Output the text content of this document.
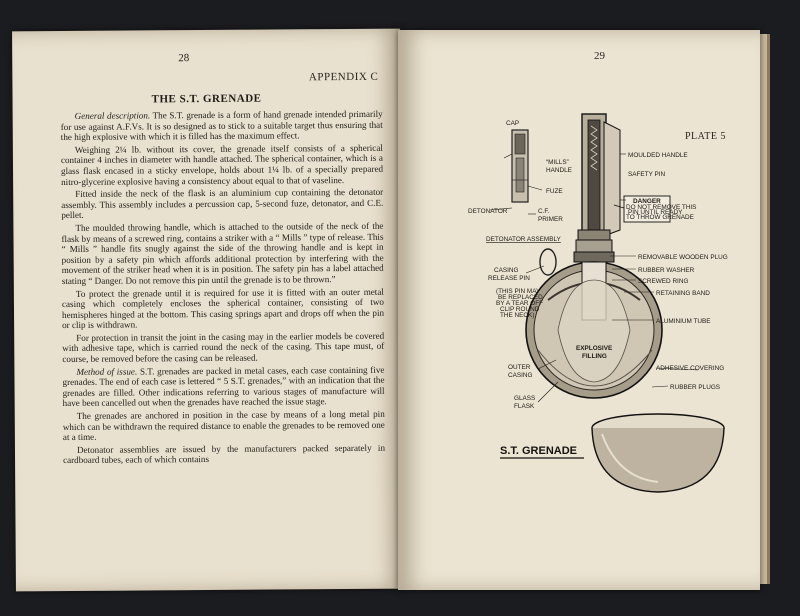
28
APPENDIX C
THE S.T. GRENADE

General description. The S.T. grenade is a form of hand grenade intended primarily for use against A.F.Vs. It is so designed as to stick to a suitable target thus ensuring that the high explosive with which it is filled has the maximum effect.

Weighing 2¼ lb. without its cover, the grenade itself consists of a spherical container 4 inches in diameter with handle attached. The spherical container, which is a glass flask encased in a sticky envelope, holds about 1¼ lb. of a specially prepared nitro-glycerine explosive having a consistency about equal to that of vaseline.

Fitted inside the neck of the flask is an aluminium cup containing the detonator assembly. This assembly includes a percussion cap, 5-second fuze, detonator, and C.E. pellet.

The moulded throwing handle, which is attached to the outside of the neck of the flask by means of a screwed ring, contains a striker with a “ Mills ” type of release. This “ Mills ” handle fits snugly against the side of the throwing handle and is kept in position by a safety pin which affords additional protection by interfering with the movement of the striker head when it is in position. The safety pin has a label attached stating “ Danger. Do not remove this pin until the grenade is to be thrown.”

To protect the grenade until it is required for use it is fitted with an outer metal casing which completely encloses the spherical container, consisting of two hemispheres hinged at the bottom. This casing springs apart and drops off when the pin or clip is withdrawn.

For protection in transit the joint in the casing may in the earlier models be covered with adhesive tape, which is carried round the neck of the casing. This tape must, of course, be removed before the casing can be released.

Method of issue. S.T. grenades are packed in metal cases, each case containing five grenades. The end of each case is lettered “ 5 S.T. grenades,” with an indication that the grenades are filled. Other indications referring to various stages of manufacture will have been cancelled out when the grenades have reached the issue stage.

The grenades are anchored in position in the case by means of a long metal pin which can be withdrawn the required distance to enable the grenades to be removed one at a time.

Detonator assemblies are issued by the manufacturers packed separately in cardboard tubes, each of which contains

29
PLATE 5
CAP
“MILLS”
HANDLE
FUZE
DETONATOR	C.F.
PRIMER
DETONATOR ASSEMBLY
MOULDED HANDLE
SAFETY PIN
DANGER
DO NOT REMOVE THIS
PIN UNTIL READY
TO THROW GRENADE
REMOVABLE WOODEN PLUG
RUBBER WASHER
SCREWED RING
RETAINING BAND
ALUMINIUM TUBE
CASING
RELEASE PIN
(THIS PIN MAY
BE REPLACED
BY A TEAR OFF
CLIP ROUND
THE NECK)
EXPLOSIVE
FILLING
OUTER
CASING
ADHESIVE COVERING
RUBBER PLUGS
GLASS
FLASK
S.T. GRENADE
